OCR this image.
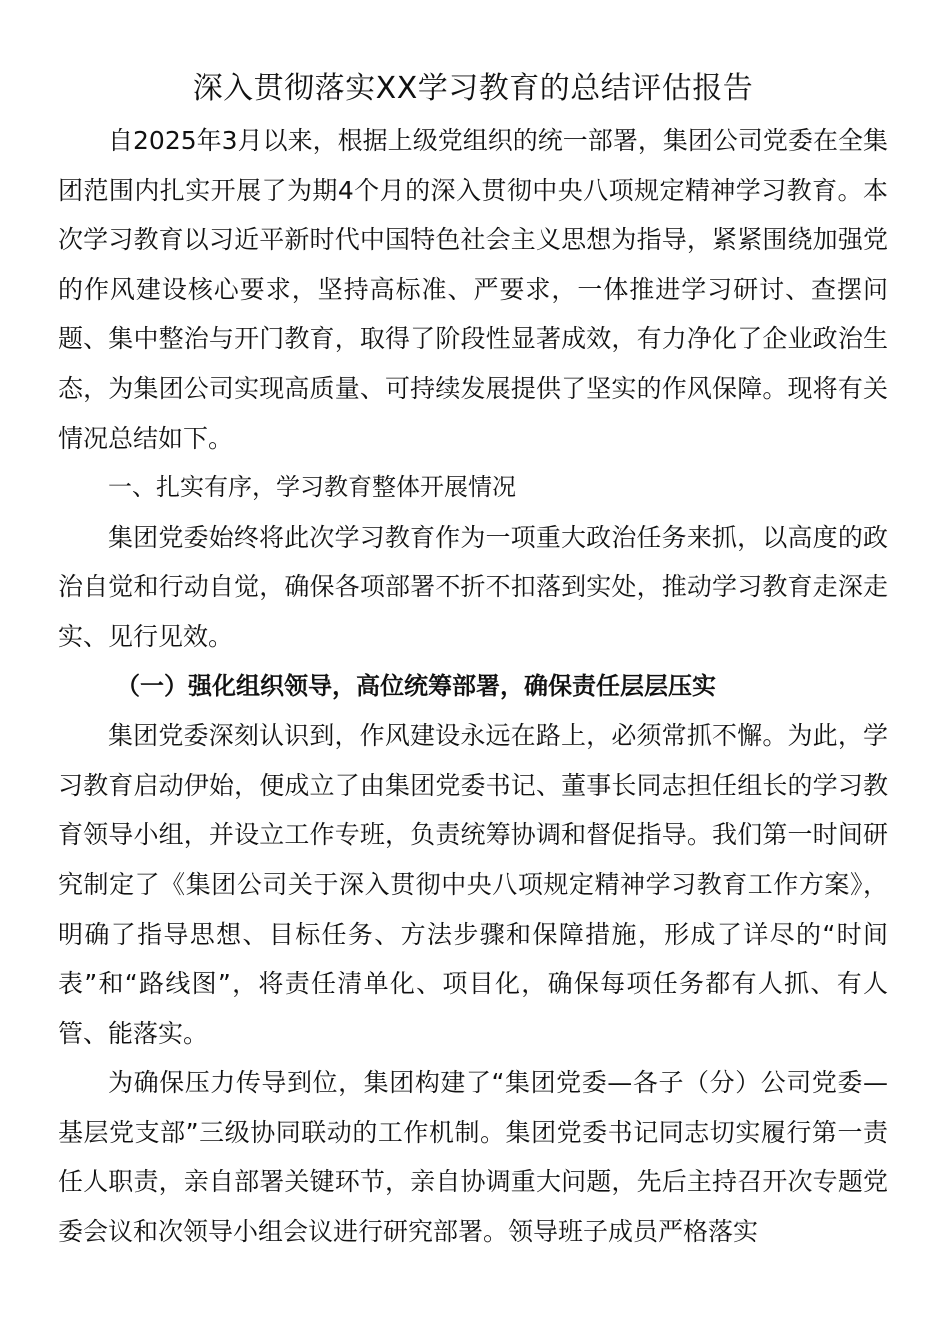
深入贯彻落实XX学习教育的总结评估报告

自2025年3月以来，根据上级党组织的统一部署，集团公司党委在全集团范围内扎实开展了为期4个月的深入贯彻中央八项规定精神学习教育。本次学习教育以习近平新时代中国特色社会主义思想为指导，紧紧围绕加强党的作风建设核心要求，坚持高标准、严要求，一体推进学习研讨、查摆问题、集中整治与开门教育，取得了阶段性显著成效，有力净化了企业政治生态，为集团公司实现高质量、可持续发展提供了坚实的作风保障。现将有关情况总结如下。

一、扎实有序，学习教育整体开展情况

集团党委始终将此次学习教育作为一项重大政治任务来抓，以高度的政治自觉和行动自觉，确保各项部署不折不扣落到实处，推动学习教育走深走实、见行见效。

（一）强化组织领导，高位统筹部署，确保责任层层压实

集团党委深刻认识到，作风建设永远在路上，必须常抓不懈。为此，学习教育启动伊始，便成立了由集团党委书记、董事长同志担任组长的学习教育领导小组，并设立工作专班，负责统筹协调和督促指导。我们第一时间研究制定了《集团公司关于深入贯彻中央八项规定精神学习教育工作方案》，明确了指导思想、目标任务、方法步骤和保障措施，形成了详尽的“时间表”和“路线图”，将责任清单化、项目化，确保每项任务都有人抓、有人管、能落实。

为确保压力传导到位，集团构建了“集团党委—各子（分）公司党委—基层党支部”三级协同联动的工作机制。集团党委书记同志切实履行第一责任人职责，亲自部署关键环节，亲自协调重大问题，先后主持召开次专题党委会议和次领导小组会议进行研究部署。领导班子成员严格落实
